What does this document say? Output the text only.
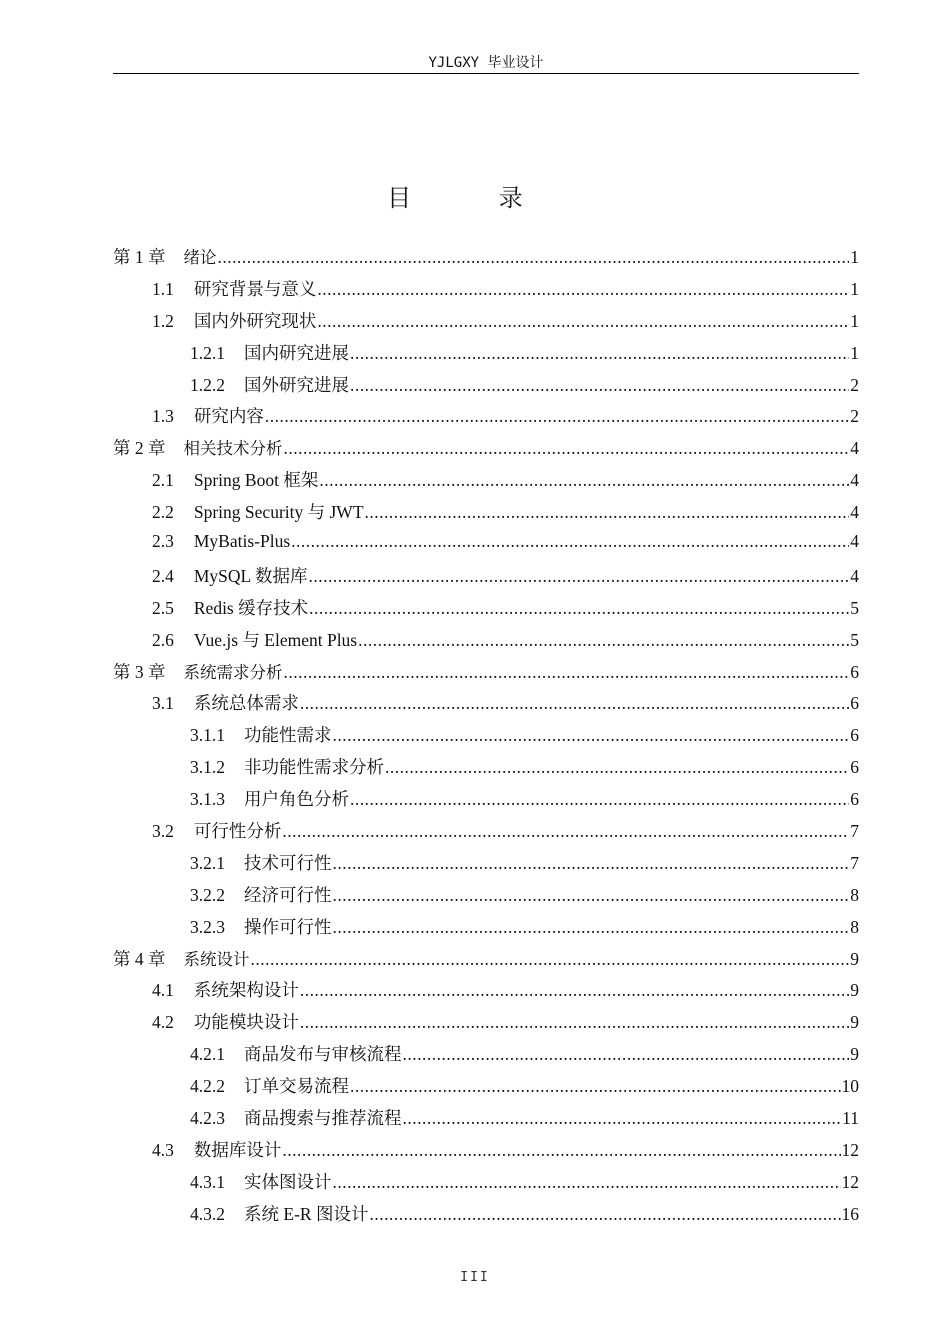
YJLGXY 毕业设计
目 录
第 1 章 绪论 .....	1
1.1 研究背景与意义 .....	1
1.2 国内外研究现状 .....	1
1.2.1 国内研究进展 .....	1
1.2.2 国外研究进展 .....	2
1.3 研究内容 .....	2
第 2 章 相关技术分析 .....	4
2.1 Spring Boot 框架 .....	4
2.2 Spring Security 与 JWT .....	4
2.3 MyBatis-Plus .....	4
2.4 MySQL 数据库 .....	4
2.5 Redis 缓存技术 .....	5
2.6 Vue.js 与 Element Plus .....	5
第 3 章 系统需求分析 .....	6
3.1 系统总体需求 .....	6
3.1.1 功能性需求 .....	6
3.1.2 非功能性需求分析 .....	6
3.1.3 用户角色分析 .....	6
3.2 可行性分析 .....	7
3.2.1 技术可行性 .....	7
3.2.2 经济可行性 .....	8
3.2.3 操作可行性 .....	8
第 4 章 系统设计 .....	9
4.1 系统架构设计 .....	9
4.2 功能模块设计 .....	9
4.2.1 商品发布与审核流程 .....	9
4.2.2 订单交易流程 .....	10
4.2.3 商品搜索与推荐流程 .....	11
4.3 数据库设计 .....	12
4.3.1 实体图设计 .....	12
4.3.2 系统 E-R 图设计 .....	16
III
